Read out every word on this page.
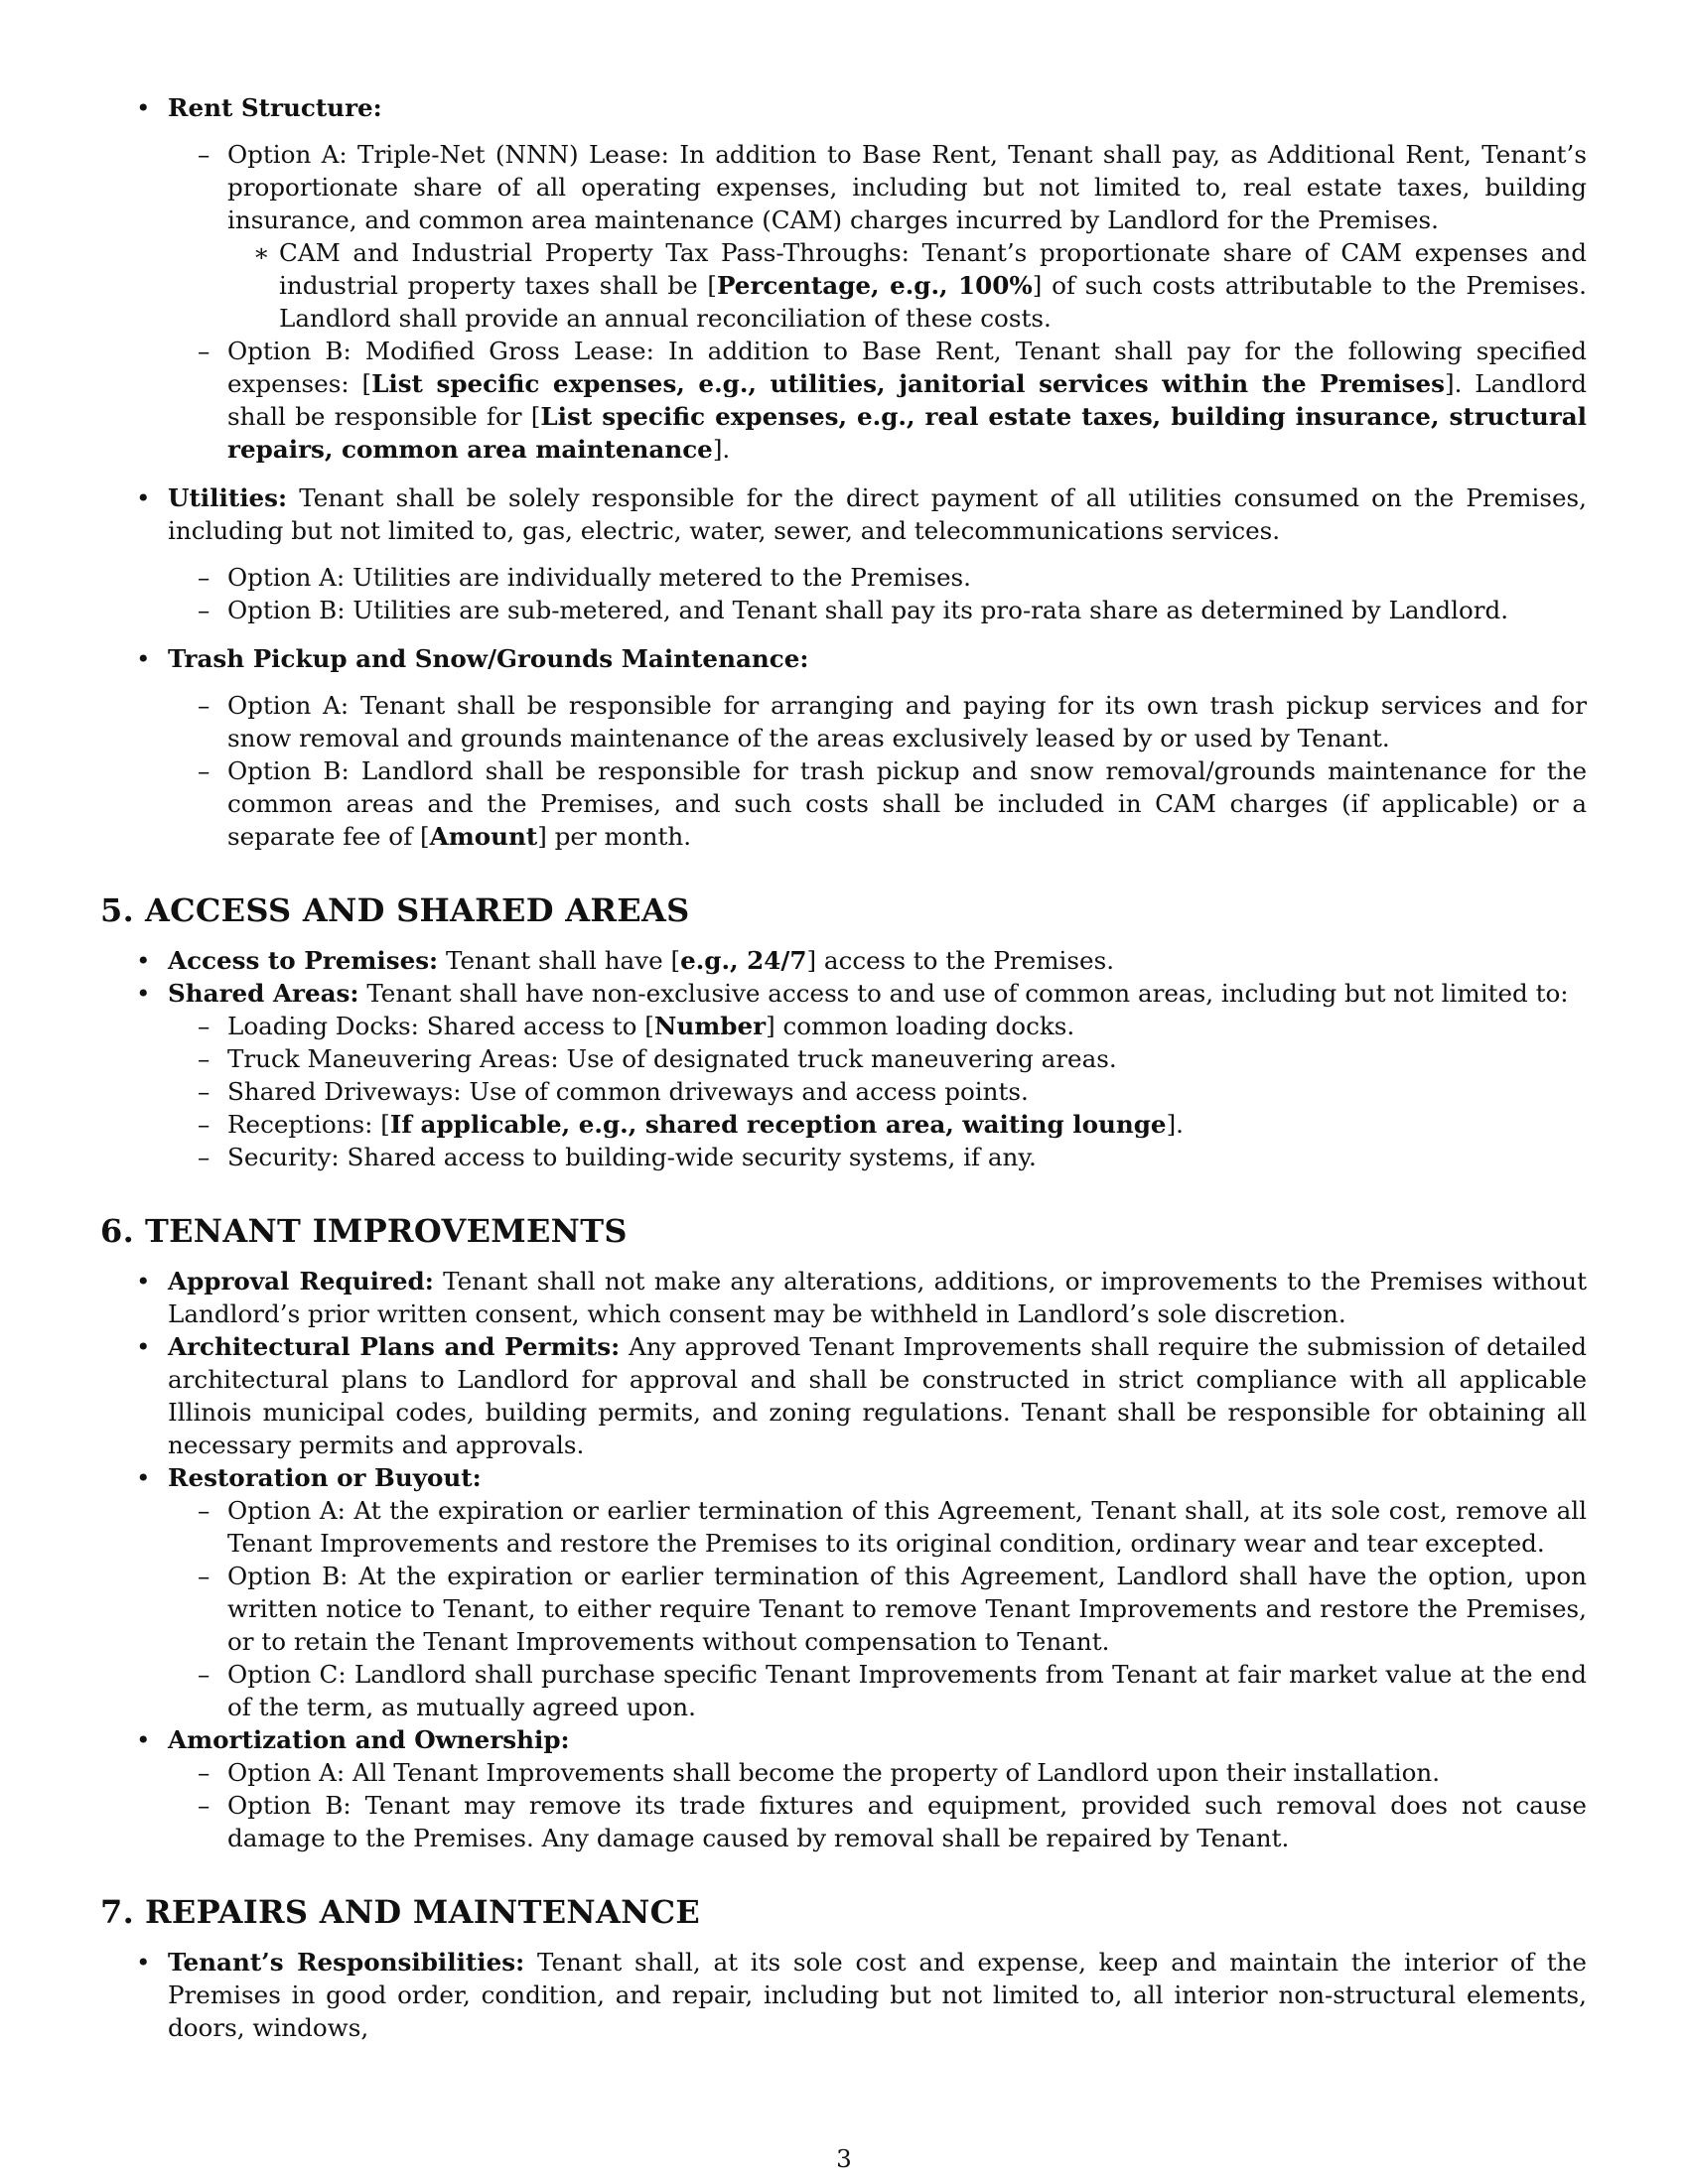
• Rent Structure:
– Option A: Triple-Net (NNN) Lease: In addition to Base Rent, Tenant shall pay, as Additional Rent, Tenant’s proportionate share of all operating expenses, including but not limited to, real estate taxes, building insurance, and common area maintenance (CAM) charges incurred by Landlord for the Premises.
∗ CAM and Industrial Property Tax Pass-Throughs: Tenant’s proportionate share of CAM expenses and industrial property taxes shall be [Percentage, e.g., 100%] of such costs attributable to the Premises. Landlord shall provide an annual reconciliation of these costs.
– Option B: Modified Gross Lease: In addition to Base Rent, Tenant shall pay for the following specified expenses: [List specific expenses, e.g., utilities, janitorial services within the Premises]. Landlord shall be responsible for [List specific expenses, e.g., real estate taxes, building insurance, structural repairs, common area maintenance].
• Utilities: Tenant shall be solely responsible for the direct payment of all utilities consumed on the Premises, including but not limited to, gas, electric, water, sewer, and telecommunications services.
– Option A: Utilities are individually metered to the Premises.
– Option B: Utilities are sub-metered, and Tenant shall pay its pro-rata share as determined by Landlord.
• Trash Pickup and Snow/Grounds Maintenance:
– Option A: Tenant shall be responsible for arranging and paying for its own trash pickup services and for snow removal and grounds maintenance of the areas exclusively leased by or used by Tenant.
– Option B: Landlord shall be responsible for trash pickup and snow removal/grounds maintenance for the common areas and the Premises, and such costs shall be included in CAM charges (if applicable) or a separate fee of [Amount] per month.
5. ACCESS AND SHARED AREAS
• Access to Premises: Tenant shall have [e.g., 24/7] access to the Premises.
• Shared Areas: Tenant shall have non-exclusive access to and use of common areas, including but not limited to:
– Loading Docks: Shared access to [Number] common loading docks.
– Truck Maneuvering Areas: Use of designated truck maneuvering areas.
– Shared Driveways: Use of common driveways and access points.
– Receptions: [If applicable, e.g., shared reception area, waiting lounge].
– Security: Shared access to building-wide security systems, if any.
6. TENANT IMPROVEMENTS
• Approval Required: Tenant shall not make any alterations, additions, or improvements to the Premises without Landlord’s prior written consent, which consent may be withheld in Landlord’s sole discretion.
• Architectural Plans and Permits: Any approved Tenant Improvements shall require the submission of detailed architectural plans to Landlord for approval and shall be constructed in strict compliance with all applicable Illinois municipal codes, building permits, and zoning regulations. Tenant shall be responsible for obtaining all necessary permits and approvals.
• Restoration or Buyout:
– Option A: At the expiration or earlier termination of this Agreement, Tenant shall, at its sole cost, remove all Tenant Improvements and restore the Premises to its original condition, ordinary wear and tear excepted.
– Option B: At the expiration or earlier termination of this Agreement, Landlord shall have the option, upon written notice to Tenant, to either require Tenant to remove Tenant Improvements and restore the Premises, or to retain the Tenant Improvements without compensation to Tenant.
– Option C: Landlord shall purchase specific Tenant Improvements from Tenant at fair market value at the end of the term, as mutually agreed upon.
• Amortization and Ownership:
– Option A: All Tenant Improvements shall become the property of Landlord upon their installation.
– Option B: Tenant may remove its trade fixtures and equipment, provided such removal does not cause damage to the Premises. Any damage caused by removal shall be repaired by Tenant.
7. REPAIRS AND MAINTENANCE
• Tenant’s Responsibilities: Tenant shall, at its sole cost and expense, keep and maintain the interior of the Premises in good order, condition, and repair, including but not limited to, all interior non-structural elements, doors, windows,
3
